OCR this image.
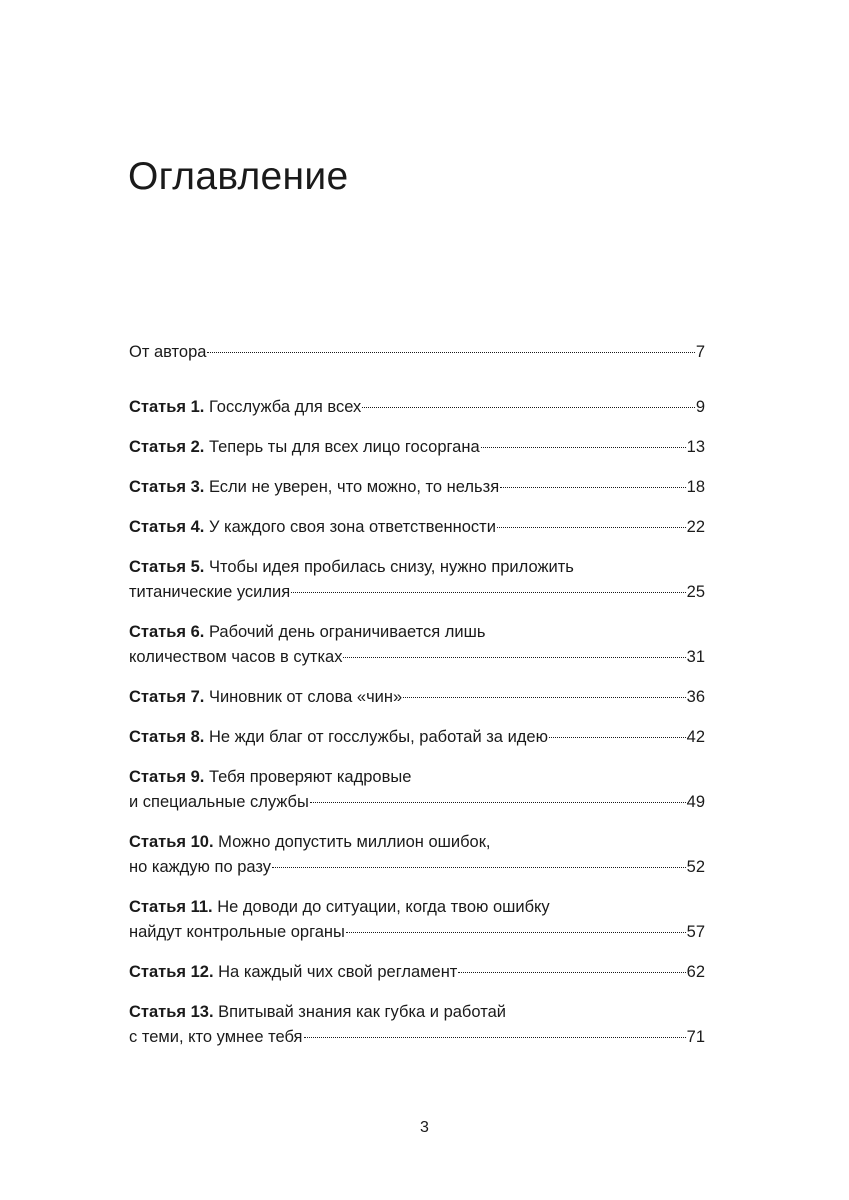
Оглавление
От автора	7
Статья 1. Госслужба для всех	9
Статья 2. Теперь ты для всех лицо госоргана	13
Статья 3. Если не уверен, что можно, то нельзя	18
Статья 4. У каждого своя зона ответственности	22
Статья 5. Чтобы идея пробилась снизу, нужно приложить
титанические усилия	25
Статья 6. Рабочий день ограничивается лишь
количеством часов в сутках	31
Статья 7. Чиновник от слова «чин»	36
Статья 8. Не жди благ от госслужбы, работай за идею	42
Статья 9. Тебя проверяют кадровые
и специальные службы	49
Статья 10. Можно допустить миллион ошибок,
но каждую по разу	52
Статья 11. Не доводи до ситуации, когда твою ошибку
найдут контрольные органы	57
Статья 12. На каждый чих свой регламент	62
Статья 13. Впитывай знания как губка и работай
с теми, кто умнее тебя	71
3
